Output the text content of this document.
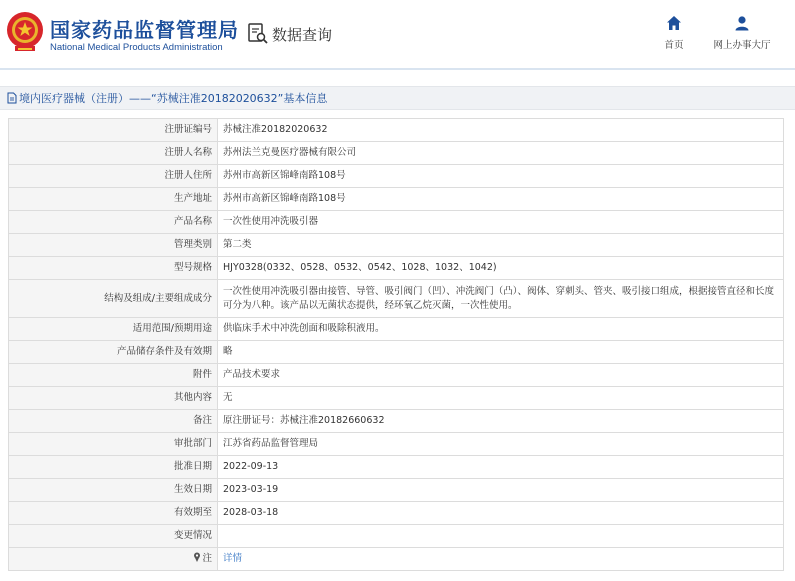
国家药品监督管理局
National Medical Products Administration
数据查询
首页	网上办事大厅
境内医疗器械（注册）——“苏械注准20182020632”基本信息
注册证编号	苏械注准20182020632
注册人名称	苏州法兰克曼医疗器械有限公司
注册人住所	苏州市高新区锦峰南路108号
生产地址	苏州市高新区锦峰南路108号
产品名称	一次性使用冲洗吸引器
管理类别	第二类
型号规格	HJY0328(0332、0528、0532、0542、1028、1032、1042)
结构及组成/主要组成成分	一次性使用冲洗吸引器由接管、导管、吸引阀门（凹）、冲洗阀门（凸）、阀体、穿刺头、管夹、吸引接口组成，根据接管直径和长度可分为八种。该产品以无菌状态提供，经环氧乙烷灭菌，一次性使用。
适用范围/预期用途	供临床手术中冲洗创面和吸除积液用。
产品储存条件及有效期	略
附件	产品技术要求
其他内容	无
备注	原注册证号：苏械注准20182660632
审批部门	江苏省药品监督管理局
批准日期	2022-09-13
生效日期	2023-03-19
有效期至	2028-03-18
变更情况	
注	详情
